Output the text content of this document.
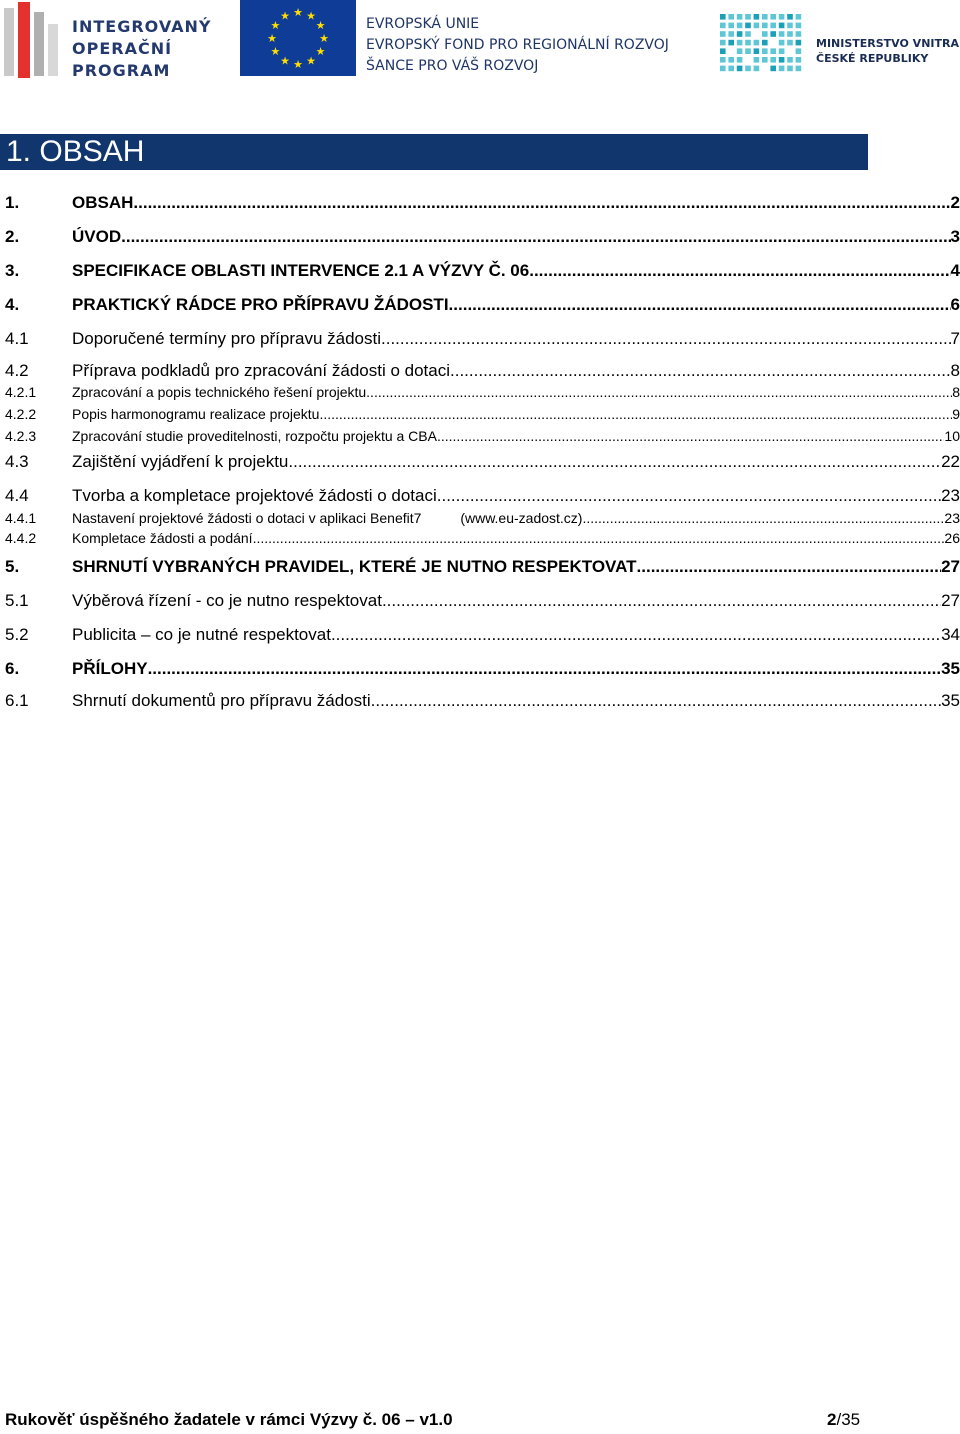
INTEGROVANÝ
OPERAČNÍ
PROGRAM
★ ★
★
★
★
★
★
★
★
★
★
★
EVROPSKÁ UNIE
EVROPSKÝ FOND PRO REGIONÁLNÍ ROZVOJ
ŠANCE PRO VÁŠ ROZVOJ
MINISTERSTVO VNITRA
ČESKÉ REPUBLIKY
1. OBSAH
1.	OBSAH .....	2
2.	ÚVOD .....	3
3.	SPECIFIKACE OBLASTI INTERVENCE 2.1 A VÝZVY Č. 06 .....	4
4.	PRAKTICKÝ RÁDCE PRO PŘÍPRAVU ŽÁDOSTI .....	6
4.1	Doporučené termíny pro přípravu žádosti .....	7
4.2	Příprava podkladů pro zpracování žádosti o dotaci .....	8
4.2.1	Zpracování a popis technického řešení projektu .....	8
4.2.2	Popis harmonogramu realizace projektu .....	9
4.2.3	Zpracování studie proveditelnosti, rozpočtu projektu a CBA .....	10
4.3	Zajištění vyjádření k projektu .....	22
4.4	Tvorba a kompletace projektové žádosti o dotaci .....	23
4.4.1	Nastavení projektové žádosti o dotaci v aplikaci Benefit7          (www.eu-zadost.cz) .....	23
4.4.2	Kompletace žádosti a podání .....	26
5.	SHRNUTÍ VYBRANÝCH PRAVIDEL, KTERÉ JE NUTNO RESPEKTOVAT .....	27
5.1	Výběrová řízení - co je nutno respektovat .....	27
5.2	Publicita – co je nutné respektovat .....	34
6.	PŘÍLOHY .....	35
6.1	Shrnutí dokumentů pro přípravu žádosti .....	35
Rukověť úspěšného žadatele v rámci Výzvy č. 06 – v1.0	2/35
